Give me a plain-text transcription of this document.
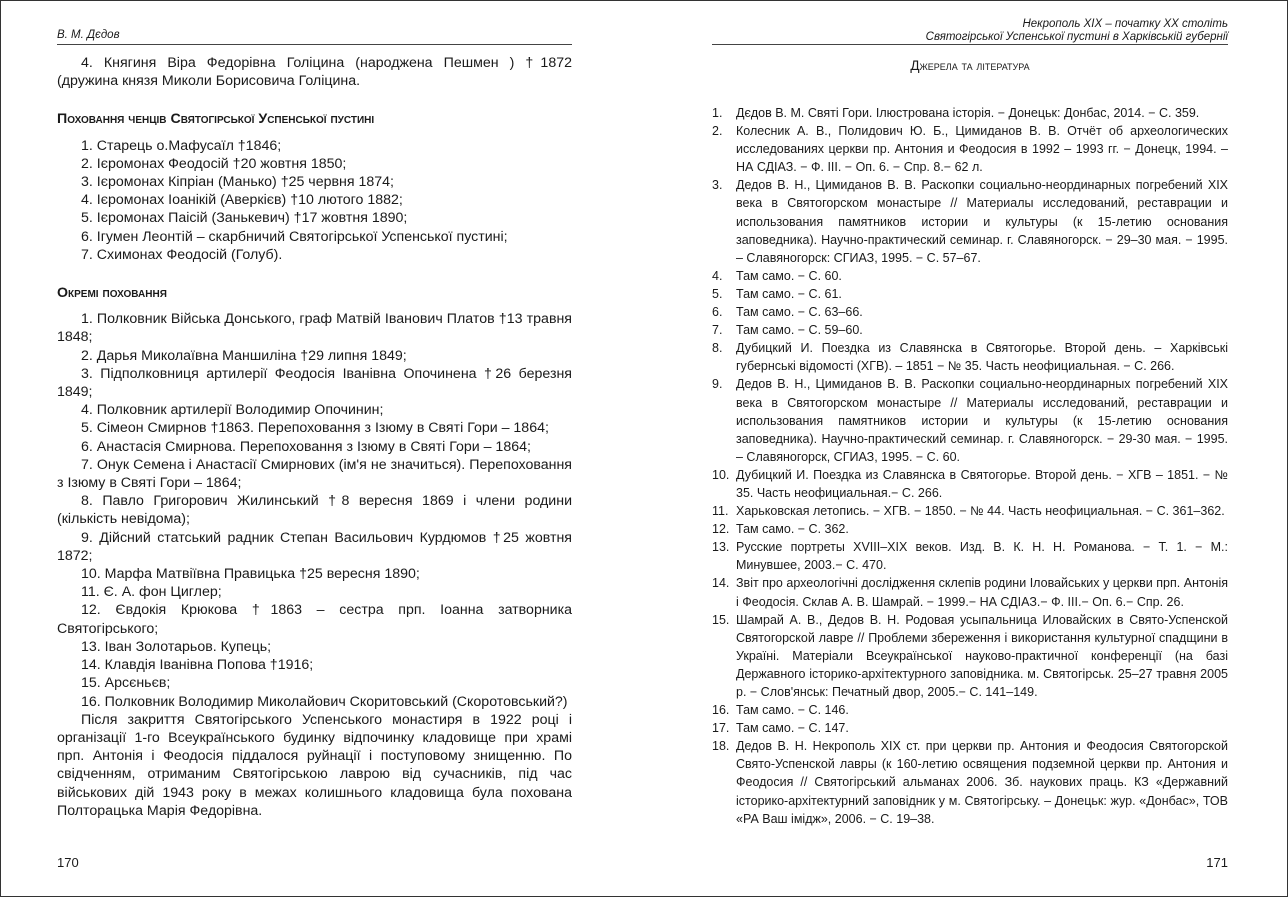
В. М. Дєдов

4. Княгиня Віра Федорівна Голіцина (народжена Пешмен ) †1872 (дружина князя Миколи Борисовича Голіцина.

Поховання ченців Святогірської Успенської пустині

1. Старець о.Мафусаїл †1846;
2. Ієромонах Феодосій †20 жовтня 1850;
3. Ієромонах Кіпріан (Манько) †25 червня 1874;
4. Ієромонах Іоанікій (Аверкієв) †10 лютого 1882;
5. Ієромонах Паісій (Занькевич) †17 жовтня 1890;
6. Ігумен Леонтій – скарбничий Святогірської Успенської пустині;
7. Схимонах Феодосій (Голуб).

Окремі поховання

1. Полковник Війська Донського, граф Матвій Іванович Платов †13 травня 1848;

2. Дарья Миколаївна Маншиліна †29 липня 1849;

3. Підполковниця артилерії Феодосія Іванівна Опочинена †26 березня 1849;

4. Полковник артилерії Володимир Опочинин;

5. Сімеон Смирнов †1863. Перепоховання з Ізюму в Святі Гори – 1864;

6. Анастасія Смирнова. Перепоховання з Ізюму в Святі Гори – 1864;

7. Онук Семена і Анастасії Смирнових (ім'я не значиться). Перепоховання з Ізюму в Святі Гори – 1864;

8. Павло Григорович Жилинський †8 вересня 1869 і члени родини (кількість невідома);

9. Дійсний статський радник Степан Васильович Курдюмов †25 жовтня 1872;

10. Марфа Матвіївна Правицька †25 вересня 1890;

11. Є. А. фон Циглер;

12. Євдокія Крюкова †1863 – сестра прп. Іоанна затворника Святогірського;

13. Іван Золотарьов. Купець;

14. Клавдія Іванівна Попова †1916;

15. Арсєньєв;

16. Полковник Володимир Миколайович Скоритовський (Скоротовський?)

Після закриття Святогірського Успенського монастиря в 1922 році і організації 1-го Всеукраїнського будинку відпочинку кладовище при храмі прп. Антонія і Феодосія піддалося руйнації і поступовому знищенню. По свідченням, отриманим Святогірською лаврою від сучасників, під час військових дій 1943 року в межах колишнього кладовища була похована Полторацька Марія Федорівна.

170
Некрополь XIX – початку XX століть
Святогірської Успенської пустині в Харківській губернії
Джерела та література
1.	Дєдов В. М. Святі Гори. Ілюстрована історія. − Донецьк: Донбас, 2014. − С. 359.
2.	Колесник А. В., Полидович Ю. Б., Цимиданов В. В. Отчёт об археологических исследованиях церкви пр. Антония и Феодосия в 1992 – 1993 гг. − Донецк, 1994. – НА СДІАЗ. − Ф. III. − Оп. 6. − Спр. 8.− 62 л.
3.	Дедов В. Н., Цимиданов В. В. Раскопки социально-неординарных погребений XIX века в Святогорском монастыре // Материалы исследований, реставрации и использования памятников истории и культуры (к 15-летию основания заповедника). Научно-практический семинар. г. Славяногорск. − 29–30 мая. − 1995. – Славяногорск: СГИАЗ, 1995. − С. 57–67.
4.	Там само. − С. 60.
5.	Там само. − С. 61.
6.	Там само. − С. 63–66.
7.	Там само. − С. 59–60.
8.	Дубицкий И. Поездка из Славянска в Святогорье. Второй день. – Харківські губернські відомості (ХГВ). – 1851 − № 35. Часть неофициальная. − С. 266.
9.	Дедов В. Н., Цимиданов В. В. Раскопки социально-неординарных погребений XIX века в Святогорском монастыре // Материалы исследований, реставрации и использования памятников истории и культуры (к 15-летию основания заповедника). Научно-практический семинар. г. Славяногорск. − 29-30 мая. − 1995. – Славяногорск, СГИАЗ, 1995. − С. 60.
10. Дубицкий И. Поездка из Славянска в Святогорье. Второй день. − ХГВ – 1851. − № 35. Часть неофициальная.− С. 266.
11. Харьковская летопись. − ХГВ. − 1850. − № 44. Часть неофициальная. − С. 361–362.
12. Там само. − С. 362.
13. Русские портреты XVIII–XIX веков. Изд. В. К. Н. Н. Романова. − Т. 1. − М.: Минувшее, 2003.− С. 470.
14. Звіт про археологічні дослідження склепів родини Іловайських у церкви прп. Антонія і Феодосія. Склав А. В. Шамрай. − 1999.− НА СДІАЗ.− Ф. III.− Оп. 6.− Спр. 26.
15. Шамрай А. В., Дедов В. Н. Родовая усыпальница Иловайских в Свято-Успенской Святогорской лавре // Проблеми збереження і використання культурної спадщини в Україні. Матеріали Всеукраїнської науково-практичної конференції (на базі Державного історико-архітектурного заповідника. м. Святогірськ. 25–27 травня 2005 р. − Слов'янськ: Печатный двор, 2005.− С. 141–149.
16. Там само. − С. 146.
17. Там само. − С. 147.
18. Дедов В. Н. Некрополь XIX ст. при церкви пр. Антония и Феодосия Святогорской Свято-Успенской лавры (к 160-летию освящения подземной церкви пр. Антония и Феодосия // Святогірський альманах 2006. Зб. наукових праць. КЗ «Державний історико-архітектурний заповідник у м. Святогірську. – Донецьк: жур. «Донбас», ТОВ «РА Ваш імідж», 2006. − С. 19–38.
171
